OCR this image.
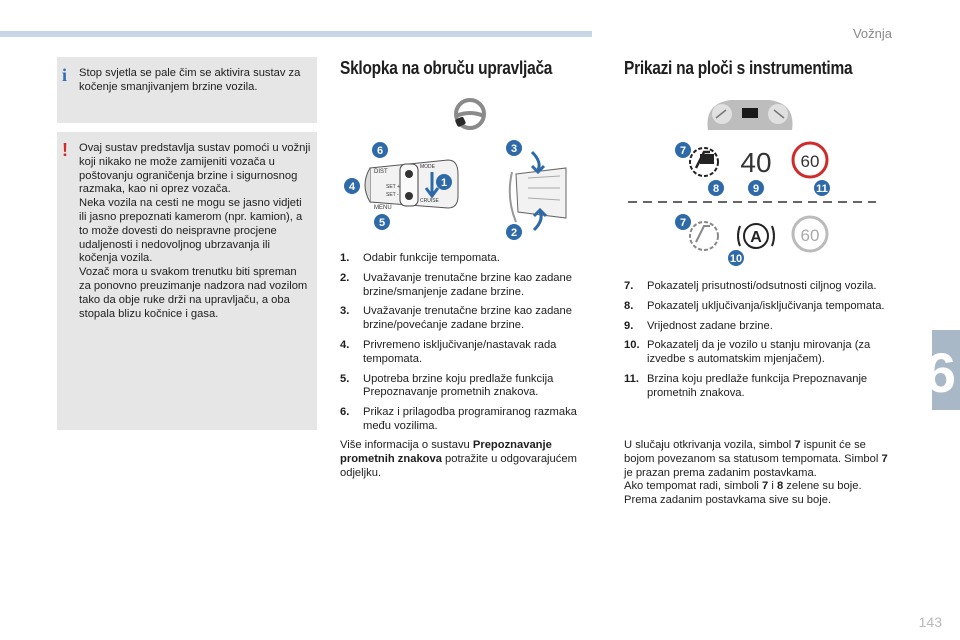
Vožnja
6
i Stop svjetla se pale čim se aktivira sustav za kočenje smanjivanjem brzine vozila.
! Ovaj sustav predstavlja sustav pomoći u vožnji koji nikako ne može zamijeniti vozača u poštovanju ograničenja brzine i sigurnosnog razmaka, kao ni oprez vozača.

Neka vozila na cesti ne mogu se jasno vidjeti ili jasno prepoznati kamerom (npr. kamion), a to može dovesti do neispravne procjene udaljenosti i nedovoljnog ubrzavanja ili kočenja vozila.

Vozač mora u svakom trenutku biti spreman za ponovno preuzimanje nadzora nad vozilom tako da obje ruke drži na upravljaču, a oba stopala blizu kočnice i gasa.

Sklopka na obruču upravljača
DIST
SET +
SET -
MENU
CRUISE
MODE
6
4
5
1
3
2
1. Odabir funkcije tempomata.
2. Uvažavanje trenutačne brzine kao zadane brzine/smanjenje zadane brzine.
3. Uvažavanje trenutačne brzine kao zadane brzine/povećanje zadane brzine.
4. Privremeno isključivanje/nastavak rada tempomata.
5. Upotreba brzine koju predlaže funkcija Prepoznavanje prometnih znakova.
6. Prikaz i prilagodba programiranog razmaka među vozilima.

Više informacija o sustavu Prepoznavanje prometnih znakova potražite u odgovarajućem odjeljku.

Prikazi na ploči s instrumentima
40 60
7
8	9	11
A 60
7
10
7. Pokazatelj prisutnosti/odsutnosti ciljnog vozila.
8. Pokazatelj uključivanja/isključivanja tempomata.
9. Vrijednost zadane brzine.
10. Pokazatelj da je vozilo u stanju mirovanja (za izvedbe s automatskim mjenjačem).
11. Brzina koju predlaže funkcija Prepoznavanje prometnih znakova.

U slučaju otkrivanja vozila, simbol 7 ispunit će se bojom povezanom sa statusom tempomata. Simbol 7 je prazan prema zadanim postavkama.
Ako tempomat radi, simboli 7 i 8 zelene su boje. Prema zadanim postavkama sive su boje.

143
